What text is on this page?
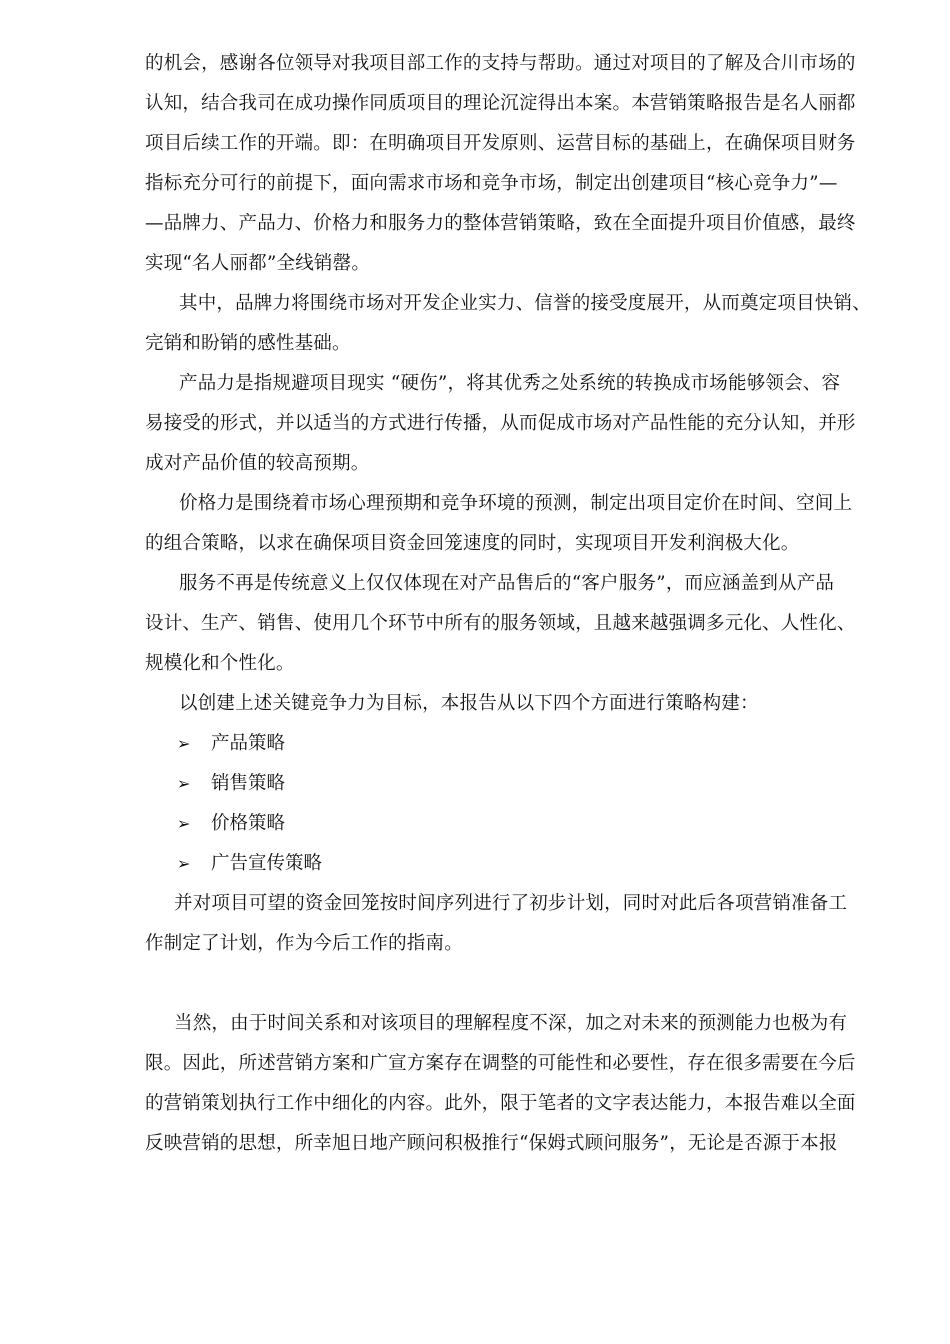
的机会，感谢各位领导对我项目部工作的支持与帮助。通过对项目的了解及合川市场的
认知，结合我司在成功操作同质项目的理论沉淀得出本案。本营销策略报告是名人丽都
项目后续工作的开端。即：在明确项目开发原则、运营目标的基础上，在确保项目财务
指标充分可行的前提下，面向需求市场和竞争市场，制定出创建项目“核心竞争力”—
—品牌力、产品力、价格力和服务力的整体营销策略，致在全面提升项目价值感，最终
实现“名人丽都”全线销罄。
其中，品牌力将围绕市场对开发企业实力、信誉的接受度展开，从而奠定项目快销、
完销和盼销的感性基础。
产品力是指规避项目现实 “硬伤”，将其优秀之处系统的转换成市场能够领会、容
易接受的形式，并以适当的方式进行传播，从而促成市场对产品性能的充分认知，并形
成对产品价值的较高预期。
价格力是围绕着市场心理预期和竞争环境的预测，制定出项目定价在时间、空间上
的组合策略，以求在确保项目资金回笼速度的同时，实现项目开发利润极大化。
服务不再是传统意义上仅仅体现在对产品售后的“客户服务”，而应涵盖到从产品
设计、生产、销售、使用几个环节中所有的服务领域，且越来越强调多元化、人性化、
规模化和个性化。
以创建上述关键竞争力为目标，本报告从以下四个方面进行策略构建：
➢ 产品策略
➢ 销售策略
➢ 价格策略
➢ 广告宣传策略
并对项目可望的资金回笼按时间序列进行了初步计划，同时对此后各项营销准备工
作制定了计划，作为今后工作的指南。
当然，由于时间关系和对该项目的理解程度不深，加之对未来的预测能力也极为有
限。因此，所述营销方案和广宣方案存在调整的可能性和必要性，存在很多需要在今后
的营销策划执行工作中细化的内容。此外，限于笔者的文字表达能力，本报告难以全面
反映营销的思想，所幸旭日地产顾问积极推行“保姆式顾问服务”，无论是否源于本报
